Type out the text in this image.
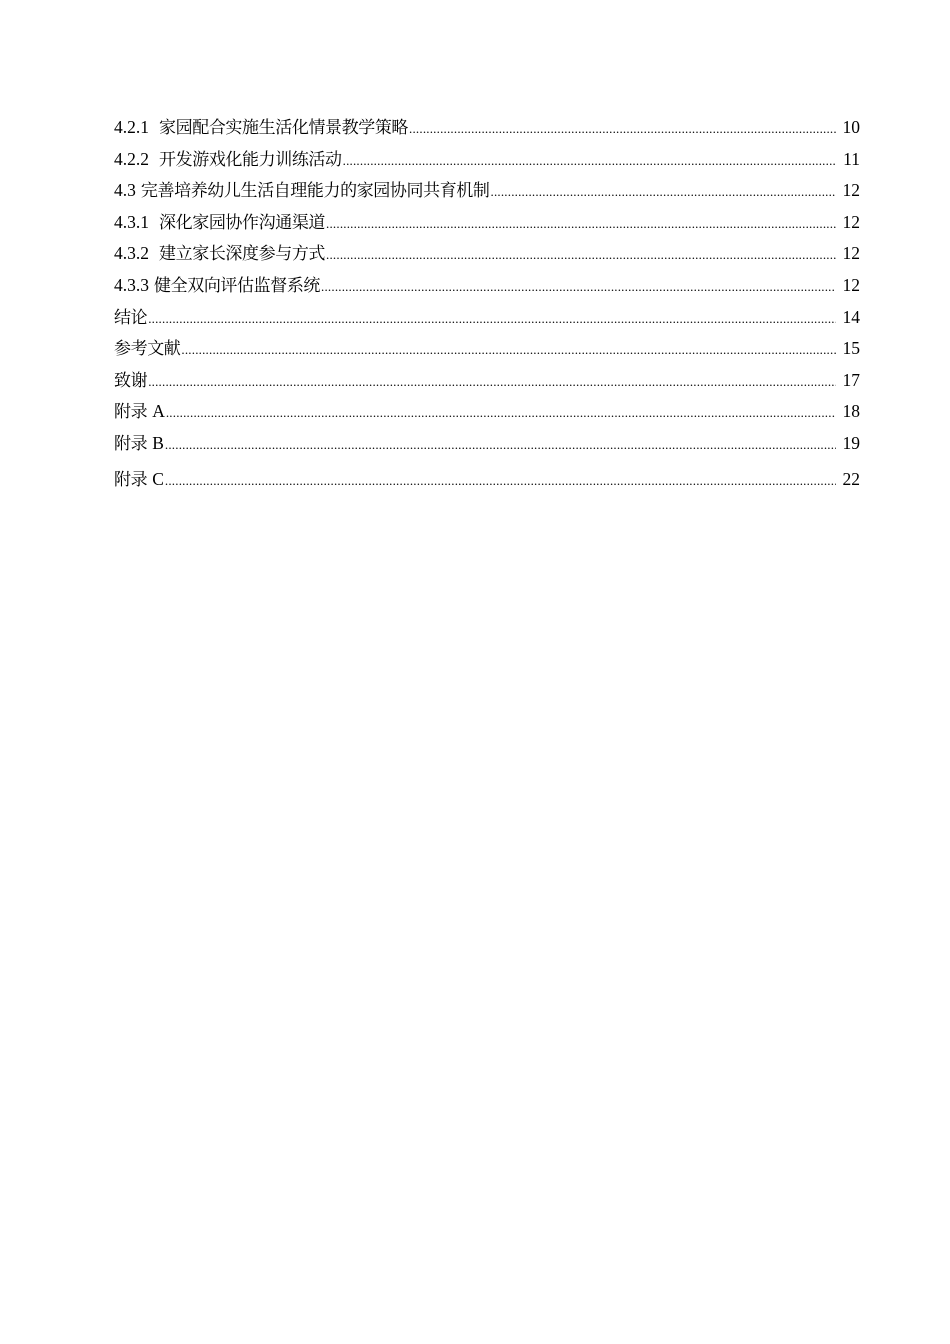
4.2.1 家园配合实施生活化情景教学策略 .....	10
4.2.2 开发游戏化能力训练活动 .....	11
4.3 完善培养幼儿生活自理能力的家园协同共育机制 .....	12
4.3.1 深化家园协作沟通渠道 .....	12
4.3.2 建立家长深度参与方式 .....	12
4.3.3 健全双向评估监督系统 .....	12
结论 .....	14
参考文献 .....	15
致谢 .....	17
附录 A .....	18
附录 B .....	19
附录 C .....	22
